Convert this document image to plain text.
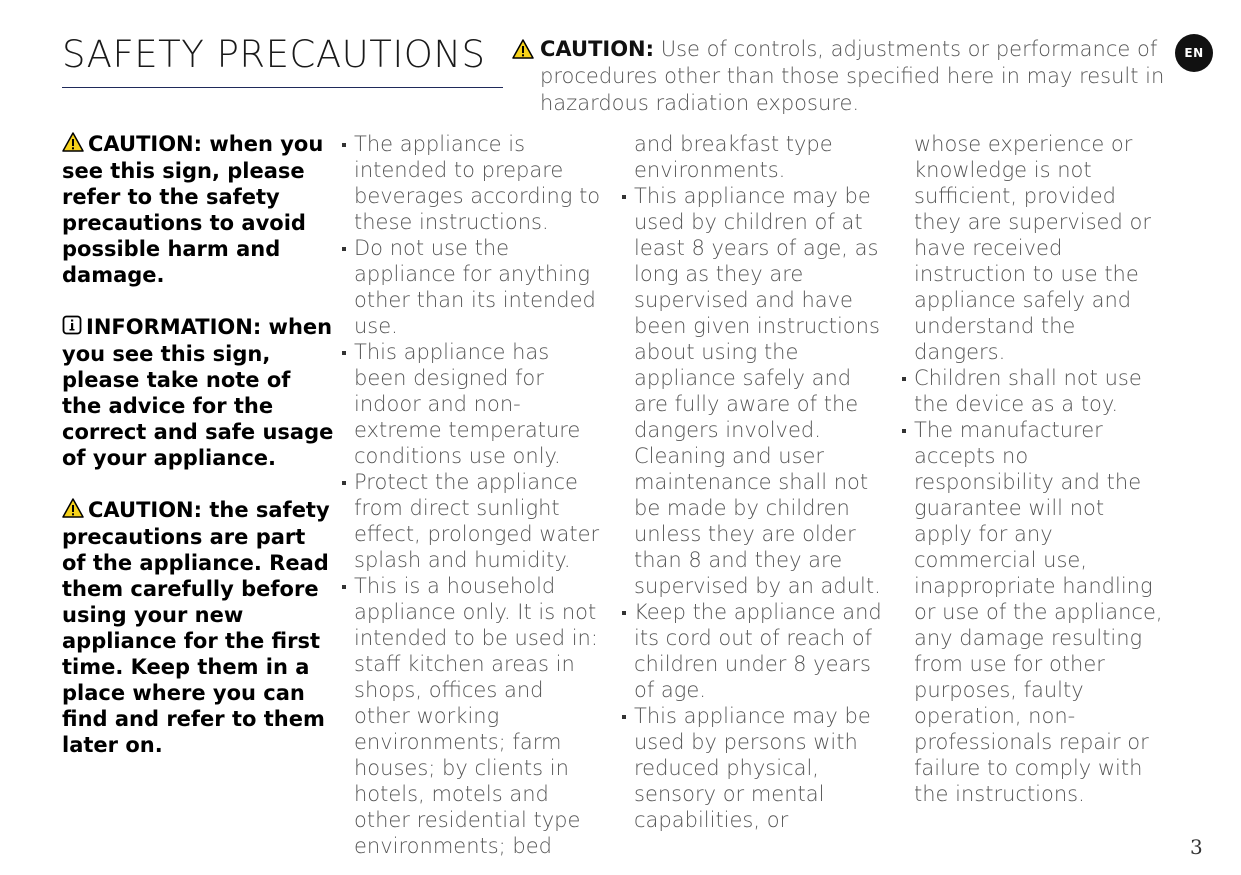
SAFETY PRECAUTIONS	CAUTION: Use of controls, adjustments or performance of procedures other than those specified here in may result in hazardous radiation exposure.
EN

CAUTION: when you see this sign, please refer to the safety precautions to avoid possible harm and damage.

INFORMATION: when you see this sign, please take note of the advice for the correct and safe usage of your appliance.

CAUTION: the safety precautions are part of the appliance. Read them carefully before using your new appliance for the first time. Keep them in a place where you can find and refer to them later on.

The appliance is intended to prepare beverages according to these instructions.
Do not use the appliance for anything other than its intended use.
This appliance has been designed for indoor and non-extreme temperature conditions use only.
Protect the appliance from direct sunlight effect, prolonged water splash and humidity.
This is a household appliance only. It is not intended to be used in: staff kitchen areas in shops, offices and other working environments; farm houses; by clients in hotels, motels and other residential type environments; bed
and breakfast type environments.
This appliance may be used by children of at least 8 years of age, as long as they are supervised and have been given instructions about using the appliance safely and are fully aware of the dangers involved. Cleaning and user maintenance shall not be made by children unless they are older than 8 and they are supervised by an adult.
Keep the appliance and its cord out of reach of children under 8 years of age.
This appliance may be used by persons with reduced physical, sensory or mental capabilities, or
whose experience or knowledge is not sufficient, provided they are supervised or have received instruction to use the appliance safely and understand the dangers.
Children shall not use the device as a toy.
The manufacturer accepts no responsibility and the guarantee will not apply for any commercial use, inappropriate handling or use of the appliance, any damage resulting from use for other purposes, faulty operation, non-professionals repair or failure to comply with the instructions.
3
